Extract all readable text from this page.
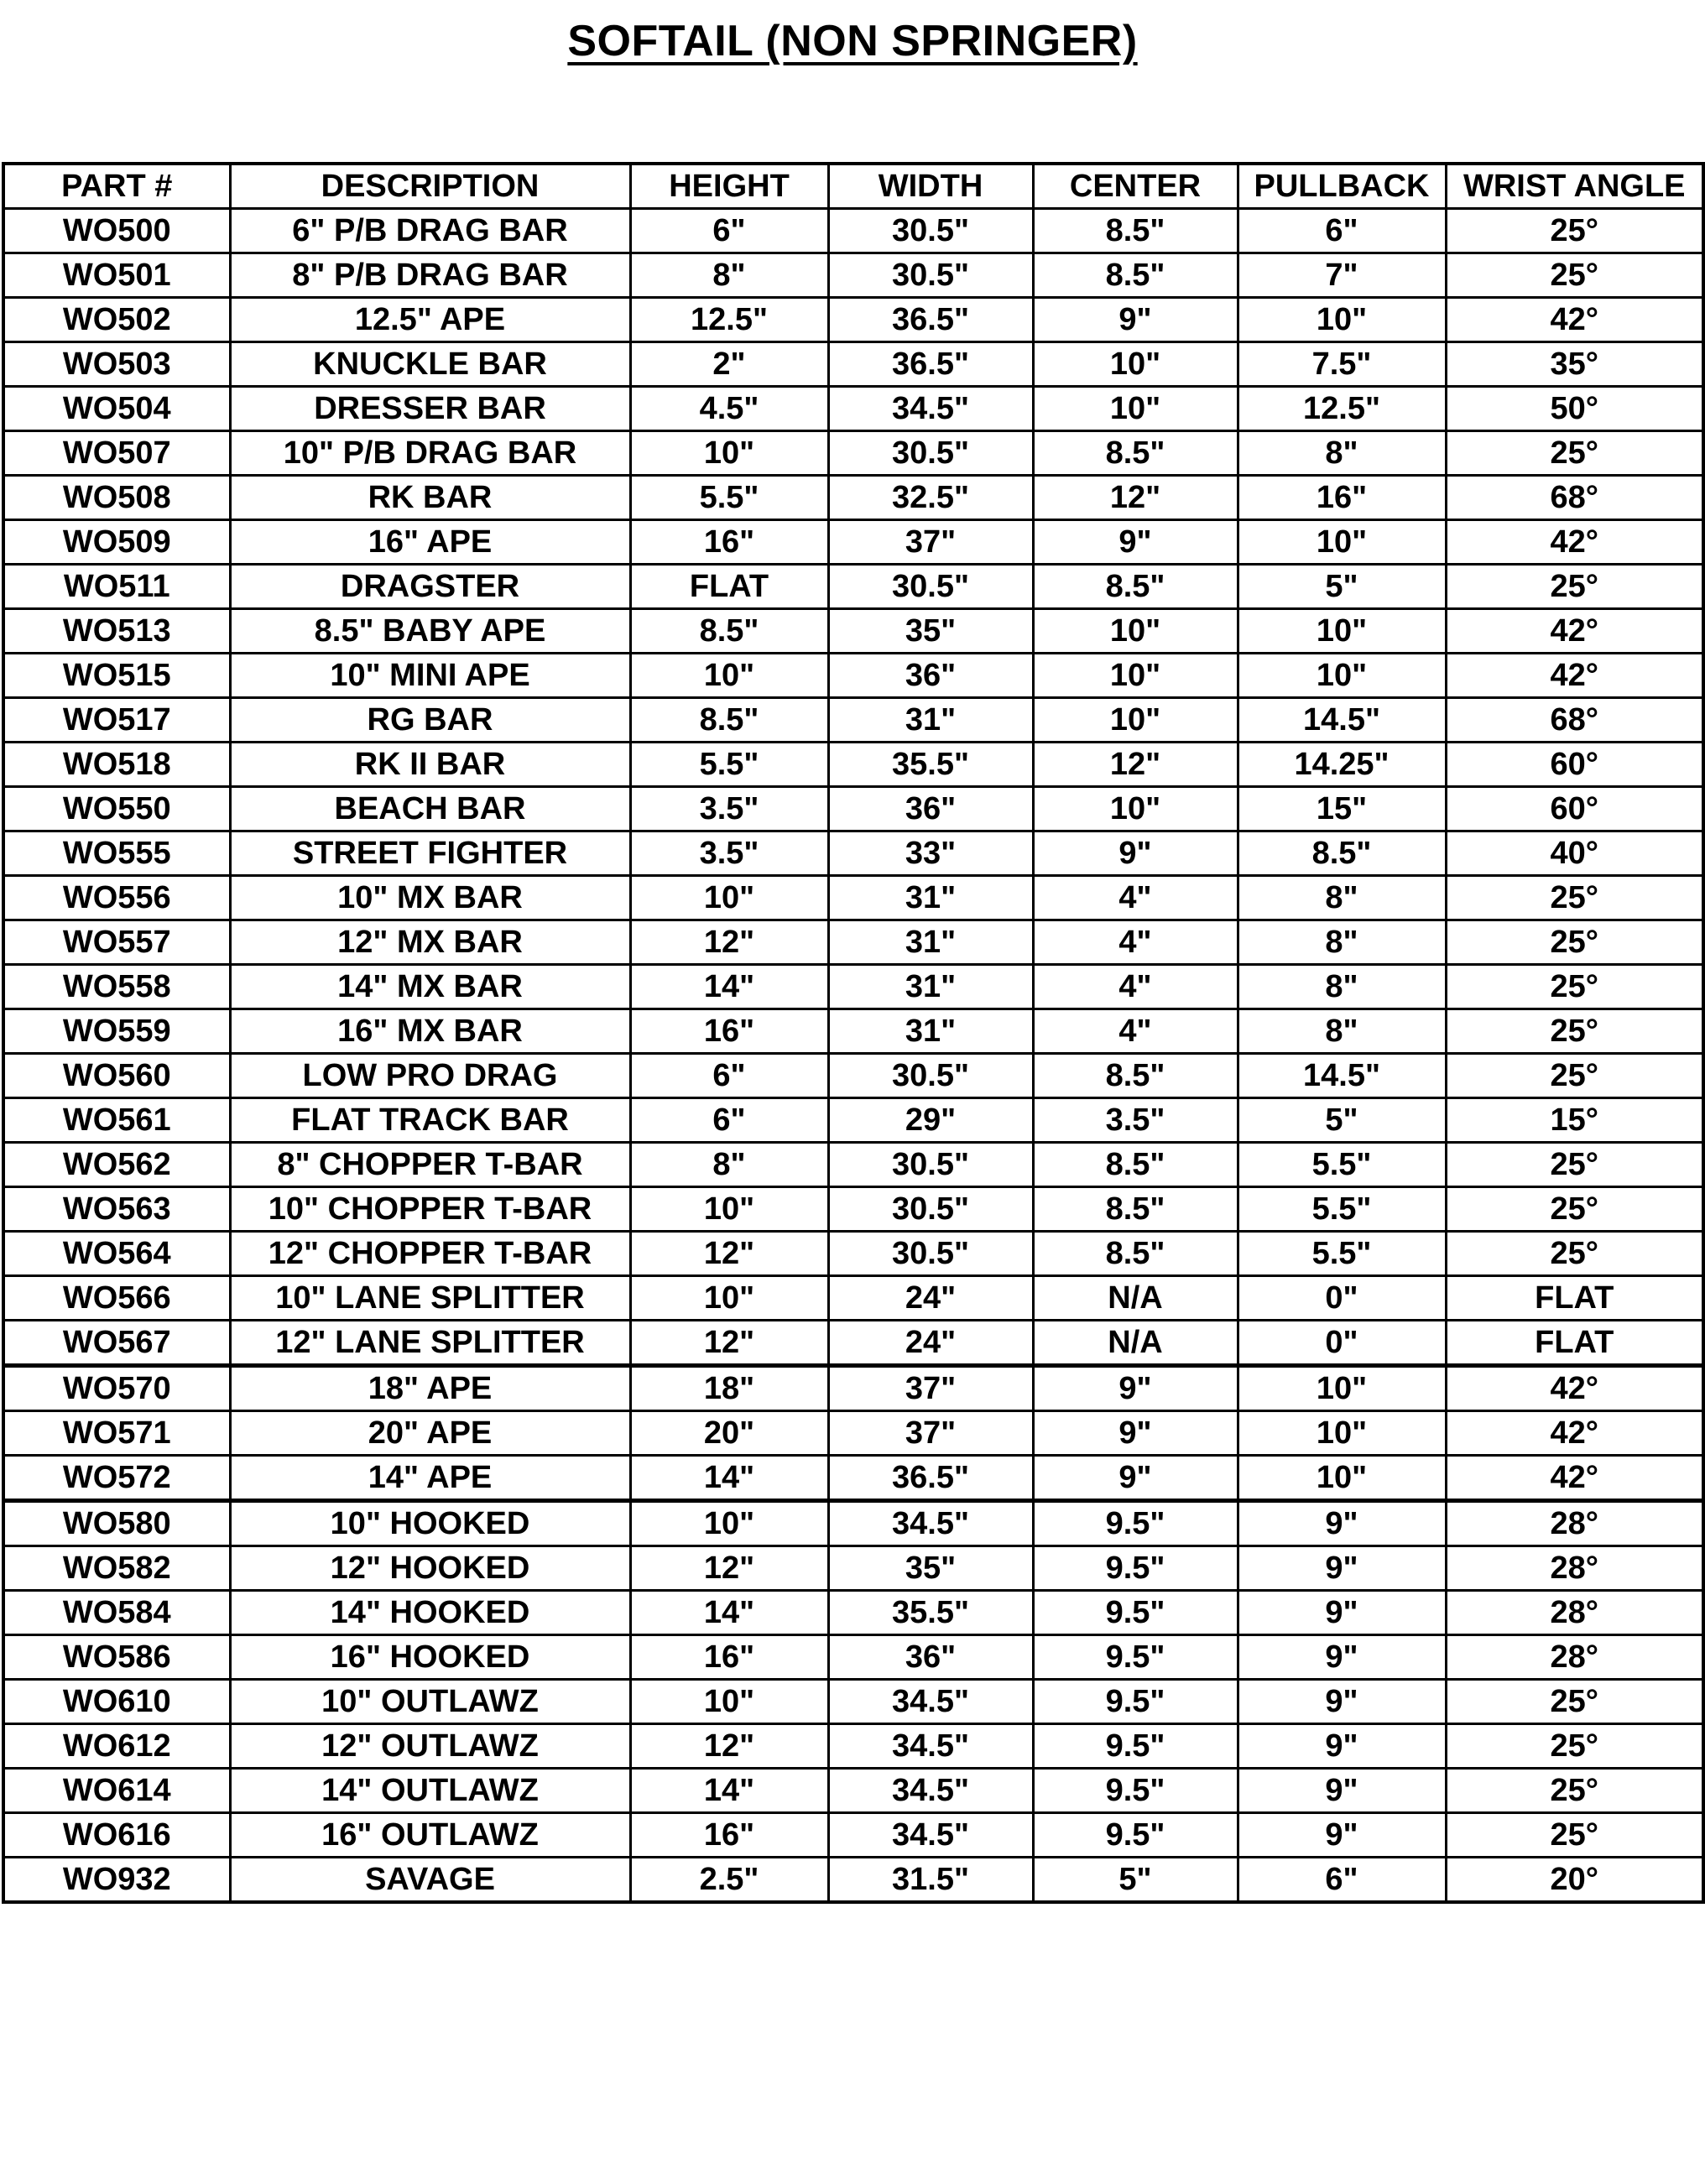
SOFTAIL (NON SPRINGER)
PART #	DESCRIPTION	HEIGHT	WIDTH	CENTER	PULLBACK	WRIST ANGLE
WO500	6" P/B DRAG BAR	6"	30.5"	8.5"	6"	25°
WO501	8" P/B DRAG BAR	8"	30.5"	8.5"	7"	25°
WO502	12.5" APE	12.5"	36.5"	9"	10"	42°
WO503	KNUCKLE BAR	2"	36.5"	10"	7.5"	35°
WO504	DRESSER BAR	4.5"	34.5"	10"	12.5"	50°
WO507	10" P/B DRAG BAR	10"	30.5"	8.5"	8"	25°
WO508	RK BAR	5.5"	32.5"	12"	16"	68°
WO509	16" APE	16"	37"	9"	10"	42°
WO511	DRAGSTER	FLAT	30.5"	8.5"	5"	25°
WO513	8.5" BABY APE	8.5"	35"	10"	10"	42°
WO515	10" MINI APE	10"	36"	10"	10"	42°
WO517	RG BAR	8.5"	31"	10"	14.5"	68°
WO518	RK II BAR	5.5"	35.5"	12"	14.25"	60°
WO550	BEACH BAR	3.5"	36"	10"	15"	60°
WO555	STREET FIGHTER	3.5"	33"	9"	8.5"	40°
WO556	10" MX BAR	10"	31"	4"	8"	25°
WO557	12" MX BAR	12"	31"	4"	8"	25°
WO558	14" MX BAR	14"	31"	4"	8"	25°
WO559	16" MX BAR	16"	31"	4"	8"	25°
WO560	LOW PRO DRAG	6"	30.5"	8.5"	14.5"	25°
WO561	FLAT TRACK BAR	6"	29"	3.5"	5"	15°
WO562	8" CHOPPER T-BAR	8"	30.5"	8.5"	5.5"	25°
WO563	10" CHOPPER T-BAR	10"	30.5"	8.5"	5.5"	25°
WO564	12" CHOPPER T-BAR	12"	30.5"	8.5"	5.5"	25°
WO566	10" LANE SPLITTER	10"	24"	N/A	0"	FLAT
WO567	12" LANE SPLITTER	12"	24"	N/A	0"	FLAT
WO570	18" APE	18"	37"	9"	10"	42°
WO571	20" APE	20"	37"	9"	10"	42°
WO572	14" APE	14"	36.5"	9"	10"	42°
WO580	10" HOOKED	10"	34.5"	9.5"	9"	28°
WO582	12" HOOKED	12"	35"	9.5"	9"	28°
WO584	14" HOOKED	14"	35.5"	9.5"	9"	28°
WO586	16" HOOKED	16"	36"	9.5"	9"	28°
WO610	10" OUTLAWZ	10"	34.5"	9.5"	9"	25°
WO612	12" OUTLAWZ	12"	34.5"	9.5"	9"	25°
WO614	14" OUTLAWZ	14"	34.5"	9.5"	9"	25°
WO616	16" OUTLAWZ	16"	34.5"	9.5"	9"	25°
WO932	SAVAGE	2.5"	31.5"	5"	6"	20°
